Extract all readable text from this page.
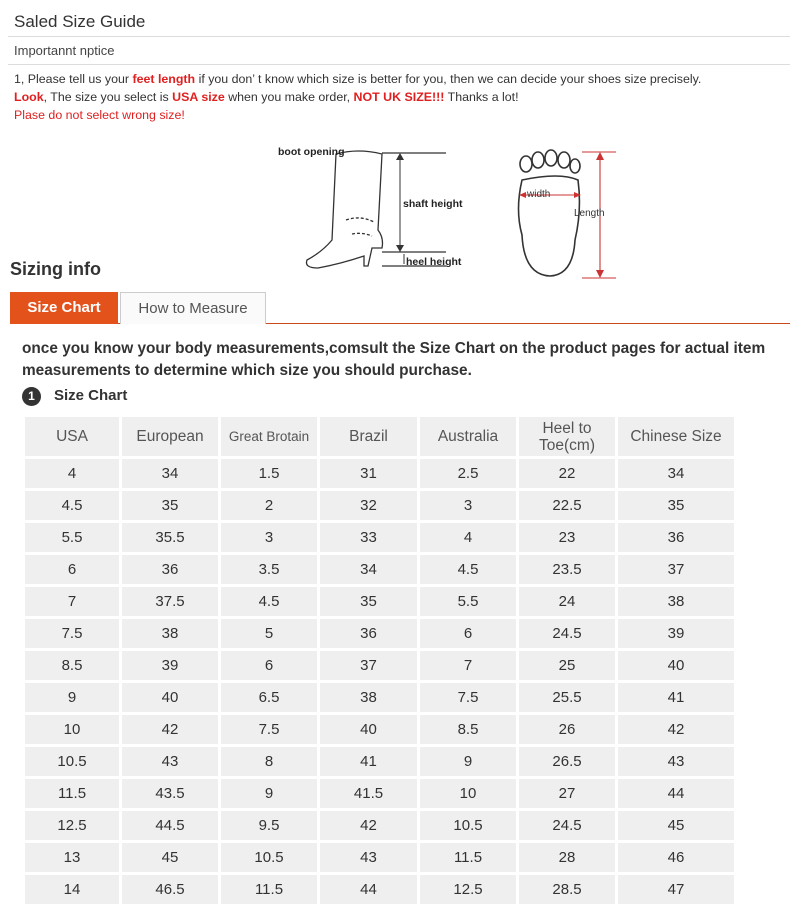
Saled Size Guide
Importannt nptice
1, Please tell us your feet length if you don’ t know which size is better for you, then we can decide your shoes size precisely.
Look, The size you select is USA size when you make order, NOT UK SIZE!!! Thanks a lot!
Plase do not select wrong size!
boot opening
shaft height
heel height
width
Length
Sizing info
Size Chart	How to Measure
once you know your body measurements,comsult the Size Chart on the product pages for actual item measurements to determine which size you should purchase.
1	Size Chart
USA	European	Great Brotain	Brazil	Australia	Heel to Toe(cm)	Chinese Size
4	34	1.5	31	2.5	22	34
4.5	35	2	32	3	22.5	35
5.5	35.5	3	33	4	23	36
6	36	3.5	34	4.5	23.5	37
7	37.5	4.5	35	5.5	24	38
7.5	38	5	36	6	24.5	39
8.5	39	6	37	7	25	40
9	40	6.5	38	7.5	25.5	41
10	42	7.5	40	8.5	26	42
10.5	43	8	41	9	26.5	43
11.5	43.5	9	41.5	10	27	44
12.5	44.5	9.5	42	10.5	24.5	45
13	45	10.5	43	11.5	28	46
14	46.5	11.5	44	12.5	28.5	47
